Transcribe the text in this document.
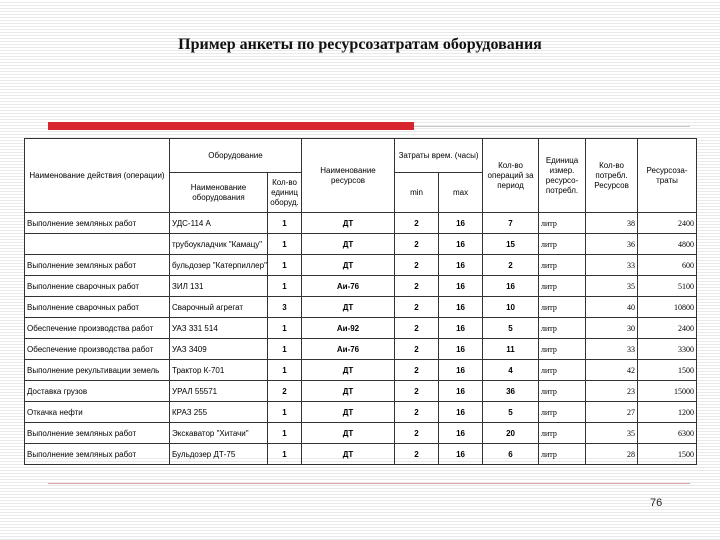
Пример анкеты по ресурсозатратам оборудования
Наименование действия (операции)	Оборудование		Наименование ресурсов	Затраты врем. (часы)		Кол-во операций за период	Единица измер. ресурсо-потребл.	Кол-во потребл. Ресурсов	Ресурсоза-траты
	Наименование оборудования	Кол-во единиц оборуд.		min	max				
Выполнение земляных работ	УДС-114 А	1	ДТ	2	16	7	литр	38	2400
	трубоукладчик "Камацу"	1	ДТ	2	16	15	литр	36	4800
Выполнение земляных работ	бульдозер "Катерпиллер"	1	ДТ	2	16	2	литр	33	600
Выполнение сварочных работ	ЗИЛ 131	1	Аи-76	2	16	16	литр	35	5100
Выполнение сварочных работ	Сварочный агрегат	3	ДТ	2	16	10	литр	40	10800
Обеспечение производства работ	УАЗ 331 514	1	Аи-92	2	16	5	литр	30	2400
Обеспечение производства работ	УАЗ 3409	1	Аи-76	2	16	11	литр	33	3300
Выполнение рекультивации земель	Трактор К-701	1	ДТ	2	16	4	литр	42	1500
Доставка грузов	УРАЛ 55571	2	ДТ	2	16	36	литр	23	15000
Откачка нефти	КРАЗ 255	1	ДТ	2	16	5	литр	27	1200
Выполнение земляных работ	Экскаватор "Хитачи"	1	ДТ	2	16	20	литр	35	6300
Выполнение земляных работ	Бульдозер ДТ-75	1	ДТ	2	16	6	литр	28	1500
76
